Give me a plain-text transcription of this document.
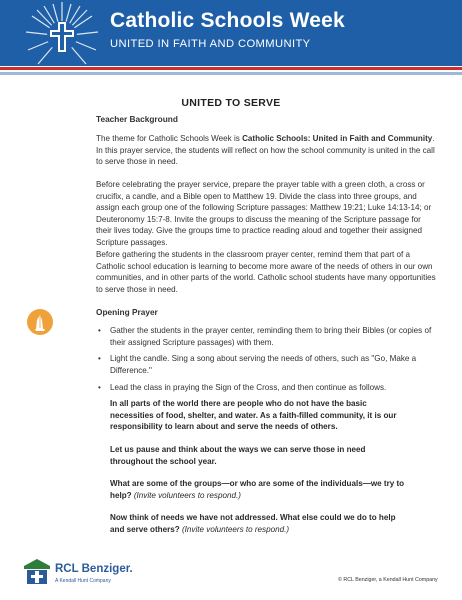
Catholic Schools Week
UNITED IN FAITH AND COMMUNITY
UNITED TO SERVE
Teacher Background

The theme for Catholic Schools Week is Catholic Schools: United in Faith and Community. In this prayer service, the students will reflect on how the school community is united in the call to serve those in need.

Before celebrating the prayer service, prepare the prayer table with a green cloth, a cross or crucifix, a candle, and a Bible open to Matthew 19. Divide the class into three groups, and assign each group one of the following Scripture passages: Matthew 19:21; Luke 14:13-14; or Deuteronomy 15:7-8. Invite the groups to discuss the meaning of the Scripture passage for their lives today. Give the groups time to practice reading aloud and together their assigned Scripture passages.

Before gathering the students in the classroom prayer center, remind them that part of a Catholic school education is learning to become more aware of the needs of others in our own communities, and in other parts of the world. Catholic school students have many opportunities to serve those in need.

Opening Prayer
• Gather the students in the prayer center, reminding them to bring their Bibles (or copies of their assigned Scripture passages) with them.
• Light the candle. Sing a song about serving the needs of others, such as "Go, Make a Difference."
• Lead the class in praying the Sign of the Cross, and then continue as follows.
In all parts of the world there are people who do not have the basic necessities of food, shelter, and water. As a faith-filled community, it is our responsibility to learn about and serve the needs of others.
Let us pause and think about the ways we can serve those in need throughout the school year.
What are some of the groups—or who are some of the individuals—we try to help? (Invite volunteers to respond.)
Now think of needs we have not addressed. What else could we do to help and serve others? (Invite volunteers to respond.)
RCL Benziger.
A Kendall Hunt Company	© RCL Benziger, a Kendall Hunt Company
